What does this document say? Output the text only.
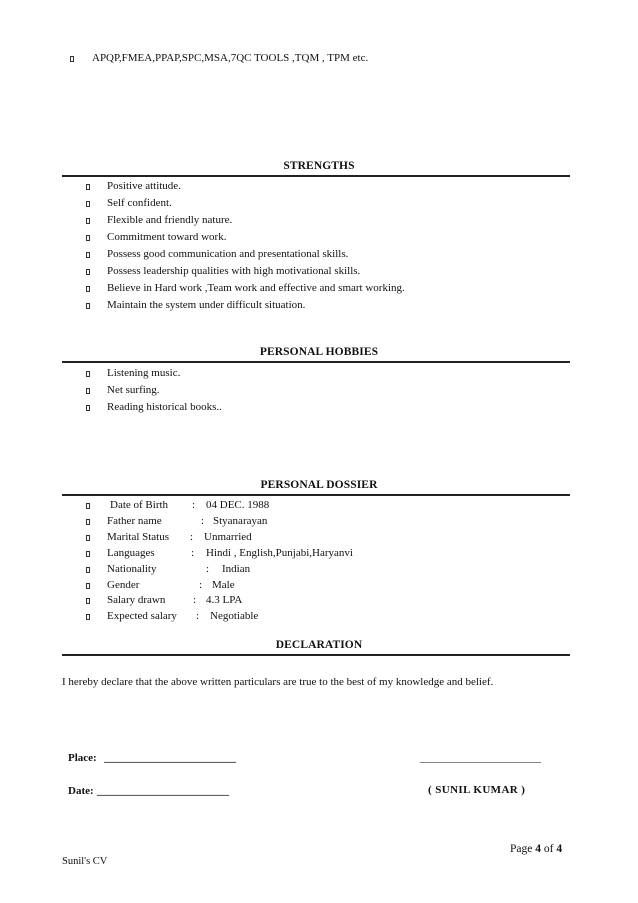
APQP,FMEA,PPAP,SPC,MSA,7QC TOOLS ,TQM , TPM etc.
STRENGTHS
Positive attitude.
Self confident.
Flexible and friendly nature.
Commitment toward work.
Possess good communication and presentational skills.
Possess leadership qualities with high motivational skills.
Believe in Hard work ,Team work and effective and smart working.
Maintain the system under difficult situation.
PERSONAL HOBBIES
Listening music.
Net surfing.
Reading historical books..
PERSONAL DOSSIER
Date of Birth : 04 DEC. 1988
Father name	: Styanarayan
Marital Status : Unmarried
Languages	: Hindi , English,Punjabi,Haryanvi
Nationality	: Indian
Gender	: Male
Salary drawn	: 4.3 LPA
Expected salary : Negotiable
DECLARATION
I hereby declare that the above written particulars are true to the best of my knowledge and belief.
Place: ________________________	______________________
Date: ________________________	( SUNIL KUMAR )
Page 4 of 4
Sunil's CV
